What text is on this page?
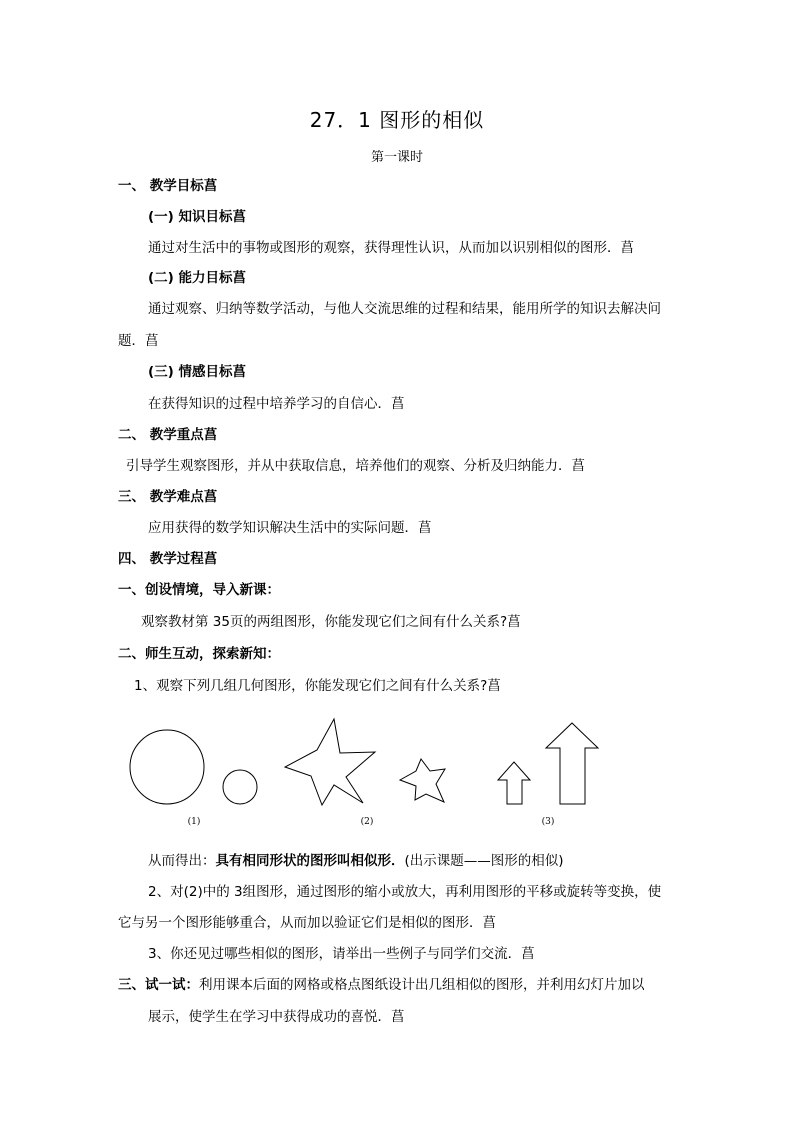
27．1 图形的相似
第一课时
一、 教学目标菖
(一) 知识目标菖
通过对生活中的事物或图形的观察，获得理性认识，从而加以识别相似的图形．菖
(二) 能力目标菖
通过观察、归纳等数学活动，与他人交流思维的过程和结果，能用所学的知识去解决问
题．菖
(三) 情感目标菖
在获得知识的过程中培养学习的自信心．菖
二、 教学重点菖
引导学生观察图形，并从中获取信息，培养他们的观察、分析及归纳能力．菖
三、 教学难点菖
应用获得的数学知识解决生活中的实际问题．菖
四、 教学过程菖
一、创设情境，导入新课：
观察教材第 35页的两组图形，你能发现它们之间有什么关系?菖
二、师生互动，探索新知：
1、观察下列几组几何图形，你能发现它们之间有什么关系?菖
(1)	(2)	(3)
从而得出：具有相同形状的图形叫相似形．(出示课题——图形的相似)
2、对(2)中的 3组图形，通过图形的缩小或放大，再利用图形的平移或旋转等变换，使
它与另一个图形能够重合，从而加以验证它们是相似的图形．菖
3、你还见过哪些相似的图形，请举出一些例子与同学们交流．菖
三、试一试：利用课本后面的网格或格点图纸设计出几组相似的图形，并利用幻灯片加以
展示，使学生在学习中获得成功的喜悦．菖
